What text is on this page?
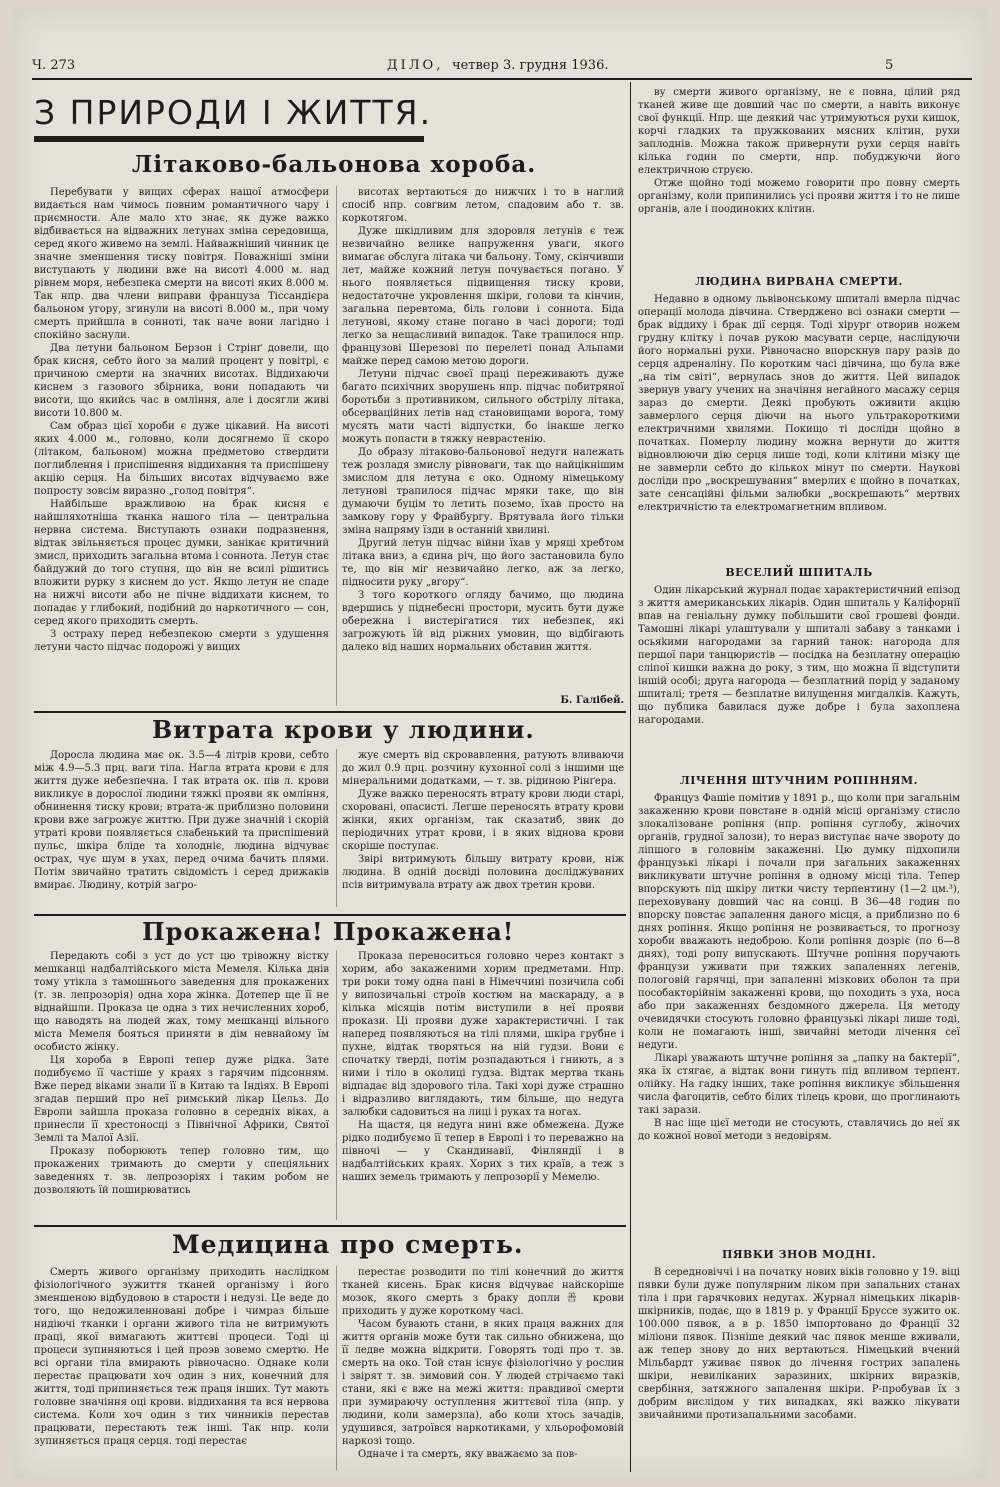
Ч. 273	ДІЛО, четвер 3. грудня 1936.	5
З ПРИРОДИ І ЖИТТЯ.
Літаково-бальонова хороба.

Перебувати у вищих сферах нашої атмосфери видається нам чимось повним романтичного чару і приємности. Але мало хто знає, як дуже важко відбивається на відважних летунах зміна середовища, серед якого живемо на землі. Найважніший чинник це значне зменшення тиску повітря. Поважніші зміни виступають у людини вже на висоті 4.000 м. над рівнем моря, небезпека смерти на висоті яких 8.000 м. Так нпр. два члени виправи француза Тіссандієра бальоном угору, згинули на висоті 8.000 м., при чому смерть прийшла в сонноті, так наче вони лагідно і спокійно заснули.

Два летуни бальоном Берзон і Стрінґ довели, що брак кисня, себто його за малий процент у повітрі, є причиною смерти на значних висотах. Віддихаючи киснем з газового збірника, вони попадають чи висоти, що якийсь час в омління, але і досягли живі висоти 10.800 м.

Сам образ цієї хороби є дуже цікавий. На висоті яких 4.000 м., головно, коли досягнемо її скоро (літаком, бальоном) можна предметово ствердити поглиблення і приспішення віддихання та приспішену акцію серця. На більших висотах відчуваємо вже попросту зовсім виразно „голод повітря“.

Найбільше вражливою на брак кисня є найшляхотніша тканка нашого тіла — центральна нервна система. Виступають ознаки подразнення, відтак звільняється процес думки, занікає критичний змисл, приходить загальна втома і соннота. Летун стає байдужий до того ступня, що він не всилі рішитись вложити рурку з киснем до уст. Якщо летун не спаде на нижчі висоти або не пічне віддихати киснем, то попадає у глибокий, подібний до наркотичного — сон, серед якого приходить смерть.

З остраху перед небезпекою смерти з удушення летуни часто підчас подорожі у вищих

висотах вертаються до нижчих і то в наглий спосіб нпр. совгвим летом, спадовим або т. зв. коркотягом.

Дуже шкідливим для здоровля летунів є теж незвичайно велике напруження уваги, якого вимагає обслуга літака чи бальону. Тому, скінчивши лет, майже кожний летун почувається погано. У нього появляється підвищення тиску крови, недостаточне укровлення шкіри, голови та кінчин, загальна перевтома, біль голови і соннота. Біда летунові, якому стане погано в часі дороги; тоді легко за нещасливий випадок. Таке трапилося нпр. французові Шерезові по перелеті понад Альпами майже перед самою метою дороги.

Летуни підчас своєї праці переживають дуже багато психічних зворушень нпр. підчас побитряної боротьби з противником, сильного обстрілу літака, обсерваційних летів над становищами ворога, тому мусять мати часті відпустки, бо інакше легко можуть попасти в тяжку невраcтенію.

До образу літаково-бальонової недуги належать теж розладя змислу рівноваги, так що найцікнішим змислом для летуна є око. Одному німецькому летунові трапилося підчас мряки таке, що він думаючи буцім то летить поземо, їхав просто на замкову гору у Фрайбургу. Врятувала його тільки зміна напряму їзди в останній хвилині.

Другий летун підчас війни їхав у мряці хребтом літака вниз, а єдина річ, що його застановила було те, що він міг незвичайно легко, аж за легко, підносити руку „вгору“.

З того короткого огляду бачимо, що людина вдершись у піднебесні простори, мусить бути дуже обережна і вистерігатися тих небезпек, які загрожують їй від ріжних умовин, що відбігають далеко від наших нормальних обставин життя.

Б. Галібей.

Витрата крови у людини.

Доросла людина має ок. 3.5—4 літрів крови, себто між 4.9—5.3 прц. ваги тіла. Нагла втрата крови є для життя дуже небезпечна. І так втрата ок. пів л. крови викликує в дорослої людини тяжкі прояви як омління, обнинення тиску крови; втрата-ж приблизно половини крови вже загрожує життю. При дуже значній і скорій утраті крови появляється слабенький та приспішений пульс, шкіра бліде та холодніє, людина відчуває острах, чує шум в ухах, перед очима бачить плями. Потім звичайно тратить свідомість і серед дрижаків вмирає. Людину, котрій загро-

жує смерть від скровавлення, ратують вливаючи до жил 0.9 прц. розчину кухонної солі з іншими ще мінеральними додатками, — т. зв. рідиною Рінґера.

Дуже важко переносять втрату крови люди старі, схоровані, опасисті. Легше переносять втрату крови жінки, яких організм, так сказатиб, звик до періодичних утрат крови, і в яких відновa крови скоріше поступає.

Звірі витримують більшу витрату крови, ніж людина. В одній досвіді половина досліджуваних псів витримувала втрату аж двох третин крови.

Прокажена! Прокажена!

Передають собі з уст до уст цю трівожну вістку мешканці надбалтійського міста Мемеля. Кілька днів тому утікла з тамошнього заведення для прокажених (т. зв. лепрозорія) одна хора жінка. Дотепер ще її не віднайшли. Проказа це одна з тих нечисленних хороб, що наводять на людей жах, тому мешканці вільного міста Мемеля бояться приняти в дім невнайому їм особисто жінку.

Ця хороба в Европі тепер дуже рідка. Зате подибуємо її частіше у краях з гарячим підсонням. Вже перед віками знали її в Китаю та Індіях. В Европі згадав перший про неї римський лікар Цельз. До Европи зайшла проказа головно в середніх віках, а принесли її хрестоносці з Північної Африки, Святої Землі та Малої Азії.

Проказу поборюють тепер головно тим, що прокажених тримають до смерти у спеціяльних заведеннях т. зв. лепрозоріях і таким робом не дозволяють їй поширюватись

Проказа переноситься головно через контакт з хорим, або закаженими хорим предметами. Нпр. три роки тому одна пані в Німеччині позичила собі у випозичальні строїв костюм на маскараду, а в кілька місяців потім виступили в неї прояви прокази. Ці прояви дуже характеристичні. І так наперед появляються на тілі плями, шкіра грубне і пухне, відтак творяться на ній гудзи. Вони є спочатку тверді, потім розпадаються і гниють, а з ними і тіло в околиці гудза. Відтак мертва ткань відпадає від здорового тіла. Такі хорі дуже страшно і відразливо виглядають, тим більше, що недуга залюбки садовиться на лиці і руках та ногах.

На щастя, ця недуга нині вже обмежена. Дуже рідко подибуємо її тепер в Европі і то переважно на півночі — у Скандинавії, Фінляндії і в надбалтійських краях. Хорих з тих країв, а теж з наших земель тримають у лепрозорії у Мемелю.

Медицина про смерть.

Смерть живого організму приходить наслідком фізіологічного зужиття тканей організму і його зменшеною відбудовою в старости і недузі. Це веде до того, що недожиленновані добре і чимраз більше нидіючі тканки і органи живого тіла не витримують праці, якої вимагають життєві процеси. Тоді ці процеси зупиняються і цей проэв зовемо смертю. Не всі органи тіла вмирають рівночасно. Однаке коли перестає працювати хоч один з них, конечний для життя, тоді припиняється теж праця інших. Тут мають головне значіння оці крови. віддихання та вся нервова система. Коли хоч один з тих чинників перестав працювати, перестають теж інші. Так нпр. коли зупиняється праця серця. тоді перестає

перестає розводити по тілі конечний до життя тканей кисень. Брак кисня відчуває найскоріше мозок, якого смерть з браку допли善 крови приходить у дуже короткому часі.

Часом бувають стани, в яких праця важних для життя органів може бути так сильно обнижена, що її ледве можна відкрити. Говорять тоді про т. зв. смерть на око. Той стан існує фізіологічно у рослин і звірят т. зв. зимовий сон. У людей стрічаємо такі стани, які є вже на межі життя: правдивої смерти при зумираючу оступлення життєвої тіла (нпр. у людини, коли замерзла), або коли хтось зачадів, удушився, затроївся наркотиками, у хльорофомовій наркозі тощо.

Одначе і та смерть, яку вважаємо за пов-

ву смерти живого організму, не є повна, цілий ряд тканей живе ще довший час по смерти, а навіть виконує свої функції. Нпр. ще деякий час утримуються рухи кишок, корчі гладких та пружкованих мясних клітин, рухи заплоднів. Можна також привернути рухи серця навіть кілька годин по смерти, нпр. побуджуючи його електричною струєю.

Отже щойно тоді можемо говорити про повну смерть організму, коли припинились усі прояви життя і то не лише органів, але і поодиноких клітин.

ЛЮДИНА ВИРВАНА СМЕРТИ.

Недавно в одному львівонському шпиталі вмерла підчас операції молода дівчина. Стверджено всі ознаки смерти — брак віддиху і брак дії серця. Тоді хірург отворив ножем грудну клітку і почав рукою масувати серце, наслідуючи його нормальні рухи. Рівночасно впорскнув пару разів до серця адреналіну. По коротким часі дівчина, що була вже „на тім світі“, вернулась знов до життя. Цей випадок звернув увагу учених на значіння негайного масажу серця зараз до смерти. Деякі пробують оживити акцію завмерлого серця діючи на нього ультракороткими електричними хвилями. Покищо ті досліди щойно в початках. Померлу людину можна вернути до життя відновлюючи дію серця лише тоді, коли клітини мізку ще не завмерли себто до кількох мінут по смерти. Наукові досліди про „воскрешування“ вмерлих є щойно в початках, зате сенсаційні фільми залюбки „воскрешають“ мертвих електричністю та електромагнетним впливом.

ВЕСЕЛИЙ ШПИТАЛЬ

Один лікарський журнал подає характеристичний епізод з життя американських лікарів. Один шпиталь у Каліфорнії впав на геніальну думку побільшити свої грошеві фонди. Тамошні лікарі улаштували у шпиталі забаву з танками і осьяkими нагородами за гарний танок: нагорода для першої пари танцюристів — посідка на безплатну операцію сліпої кишки важна до року, з тим, що можна її відступити іншій особі; друга нагорода — безплатний порід у заданому шпиталі; третя — безплатне вилущення мигдалків. Кажуть, що публика бавилася дуже добре і була захоплена нагородами.

ЛІЧЕННЯ ШТУЧНИМ РОПІННЯМ.

Француз Фашіе помітив у 1891 р., що коли при загальнім закаженню крови повстане в одній місці організму стисло злокалізоване ропіння (нпр. ропіння суглобу, жіночих органів, грудної залози), то нераз виступає наче звороту до ліпшого в головнім закаженні. Цю думку підхопили французькі лікарі і почали при загальних закаженнях викликувати штучне ропіння в одному місці тіла. Тепер впорскують під шкіру литки чисту терпентину (1—2 цм.³), переховувану довший час на сонці. В 36—48 годин по впорску повстає запалення даного місця, а приблизно по 6 днях ропіння. Якщо ропіння не розвивається, то прогнозу хороби вважають недоброю. Коли ропіння дозріє (по 6—8 днях), тоді ропу випускають. Штучне ропіння поручають французи уживати при тяжких запаленнях легенів, пологовій гарячці, при запаленні мізкових оболон та при пособакторійнім закаженні крови, що походить з уха, носа або при закаженнях бездомного джерела. Ця методу очевидячки стосують головно французькі лікарі лише тоді, коли не помагають інші, звичайні методи лічення сеї недуги.

Лікарі уважають штучне ропіння за „лапку на бактерії“, яка їх стягає, а відтак вони гинуть під впливом терпент. олійку. На гадку інших, таке ропіння викликує збільшення числа фагоцитів, себто білих тілець крови, що проглинають такі зарази.

В нас іще цієї методи не стосують, ставлячись до неї як до кожної нової методи з недовірям.

ПЯВКИ ЗНОВ МОДНІ.

В середновіччі і на початку нових віків головно у 19. віці пявки були дуже популярним ліком при запальних станах тіла і при гарячкових недугах. Журнал німецьких лікарів-шкірників, подає, що в 1819 р. у Франції Бруссе зужито ок. 100.000 пявок, а в р. 1850 імпортовано до Франції 32 міліони пявок. Пізніше деякий час пявок менше вживали, аж тепер знову до них вертаються. Німецький вчений Мільбардт уживає пявок до лічення гострих запалень шкіри, невиліканих заразиних, шкірних виразків, свербіння, затяжного запалення шкіри. Р-пробував їх з добрим вислідом у тих випадках, які важко лікувати звичайними протизапальними засобами.
